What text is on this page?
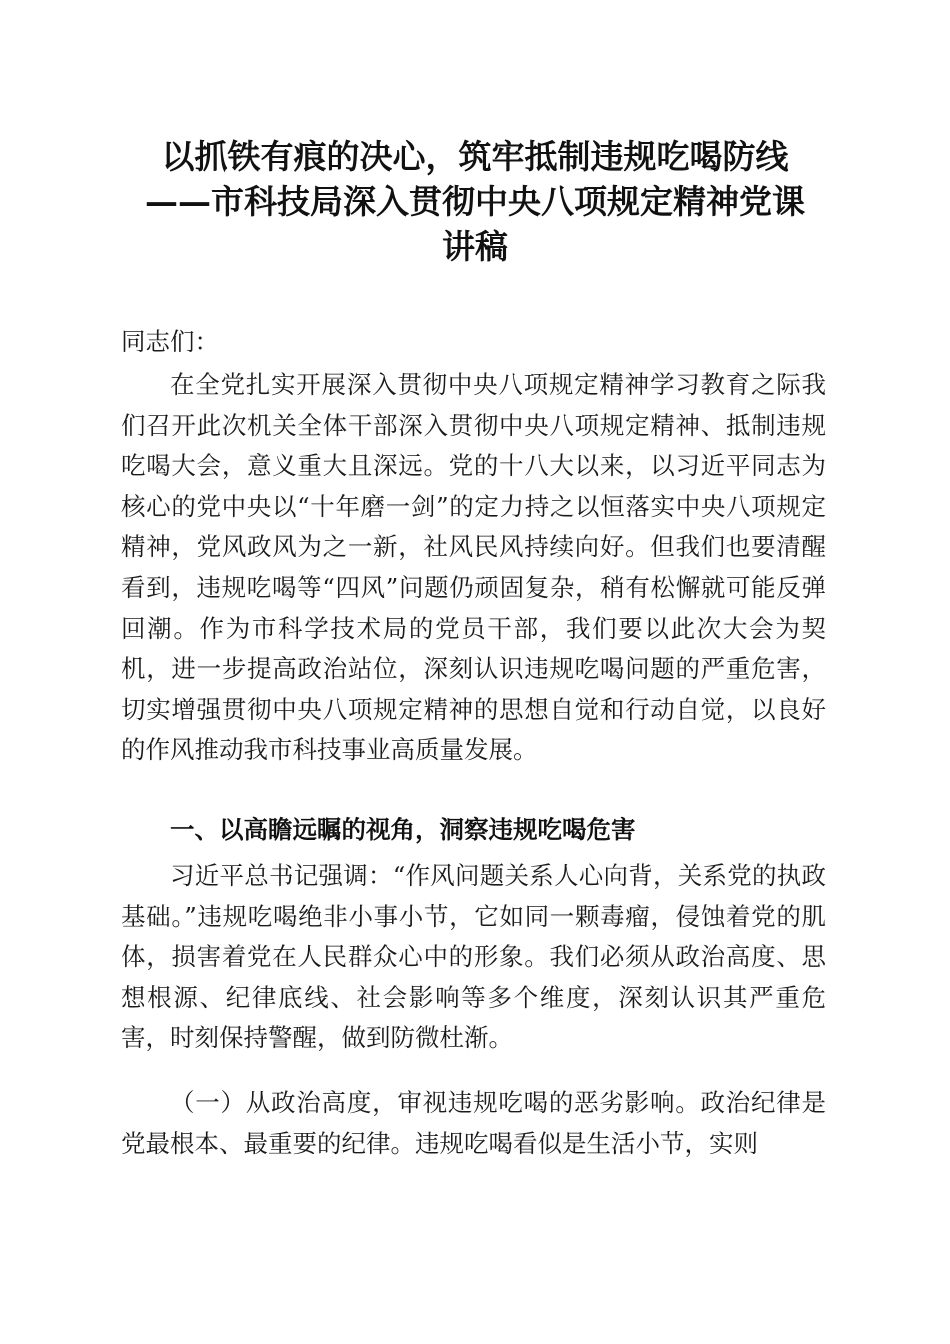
以抓铁有痕的决心，筑牢抵制违规吃喝防线
——市科技局深入贯彻中央八项规定精神党课
讲稿
同志们：
在全党扎实开展深入贯彻中央八项规定精神学习教育之际我们召开此次机关全体干部深入贯彻中央八项规定精神、抵制违规吃喝大会，意义重大且深远。党的十八大以来，以习近平同志为核心的党中央以“十年磨一剑”的定力持之以恒落实中央八项规定精神，党风政风为之一新，社风民风持续向好。但我们也要清醒看到，违规吃喝等“四风”问题仍顽固复杂，稍有松懈就可能反弹回潮。作为市科学技术局的党员干部，我们要以此次大会为契机，进一步提高政治站位，深刻认识违规吃喝问题的严重危害，切实增强贯彻中央八项规定精神的思想自觉和行动自觉，以良好的作风推动我市科技事业高质量发展。
一、以高瞻远瞩的视角，洞察违规吃喝危害
习近平总书记强调：“作风问题关系人心向背，关系党的执政基础。”违规吃喝绝非小事小节，它如同一颗毒瘤，侵蚀着党的肌体，损害着党在人民群众心中的形象。我们必须从政治高度、思想根源、纪律底线、社会影响等多个维度，深刻认识其严重危害，时刻保持警醒，做到防微杜渐。
（一）从政治高度，审视违规吃喝的恶劣影响。政治纪律是党最根本、最重要的纪律。违规吃喝看似是生活小节，实则
